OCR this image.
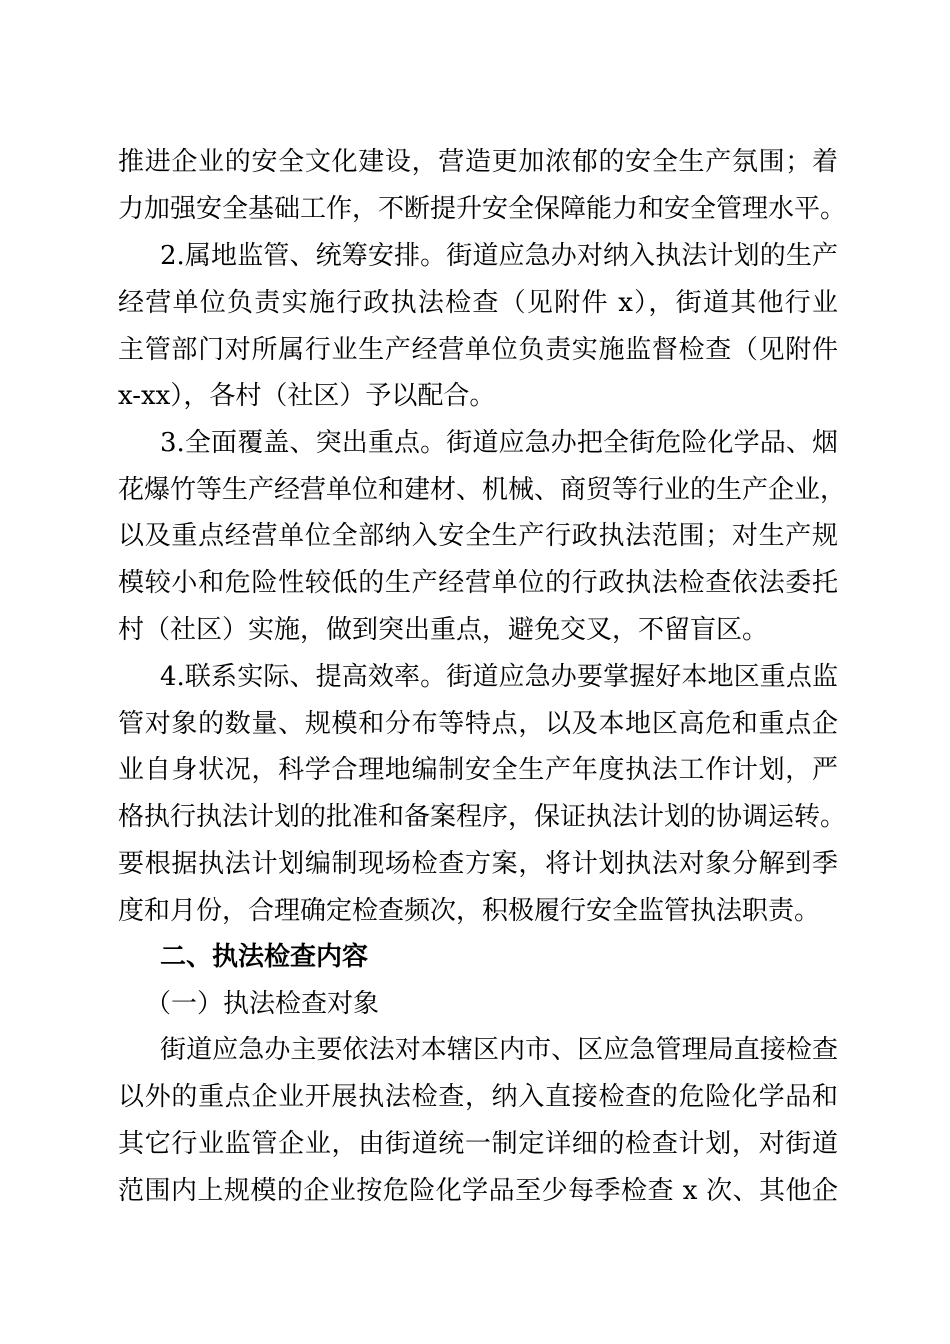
推进企业的安全文化建设，营造更加浓郁的安全生产氛围；着
力加强安全基础工作，不断提升安全保障能力和安全管理水平。
2.属地监管、统筹安排。街道应急办对纳入执法计划的生产
经营单位负责实施行政执法检查（见附件 x），街道其他行业
主管部门对所属行业生产经营单位负责实施监督检查（见附件
x-xx），各村（社区）予以配合。
3.全面覆盖、突出重点。街道应急办把全街危险化学品、烟
花爆竹等生产经营单位和建材、机械、商贸等行业的生产企业，
以及重点经营单位全部纳入安全生产行政执法范围；对生产规
模较小和危险性较低的生产经营单位的行政执法检查依法委托
村（社区）实施，做到突出重点，避免交叉，不留盲区。
4.联系实际、提高效率。街道应急办要掌握好本地区重点监
管对象的数量、规模和分布等特点，以及本地区高危和重点企
业自身状况，科学合理地编制安全生产年度执法工作计划，严
格执行执法计划的批准和备案程序，保证执法计划的协调运转。
要根据执法计划编制现场检查方案，将计划执法对象分解到季
度和月份，合理确定检查频次，积极履行安全监管执法职责。
二、执法检查内容
（一）执法检查对象
街道应急办主要依法对本辖区内市、区应急管理局直接检查
以外的重点企业开展执法检查，纳入直接检查的危险化学品和
其它行业监管企业，由街道统一制定详细的检查计划，对街道
范围内上规模的企业按危险化学品至少每季检查 x 次、其他企
